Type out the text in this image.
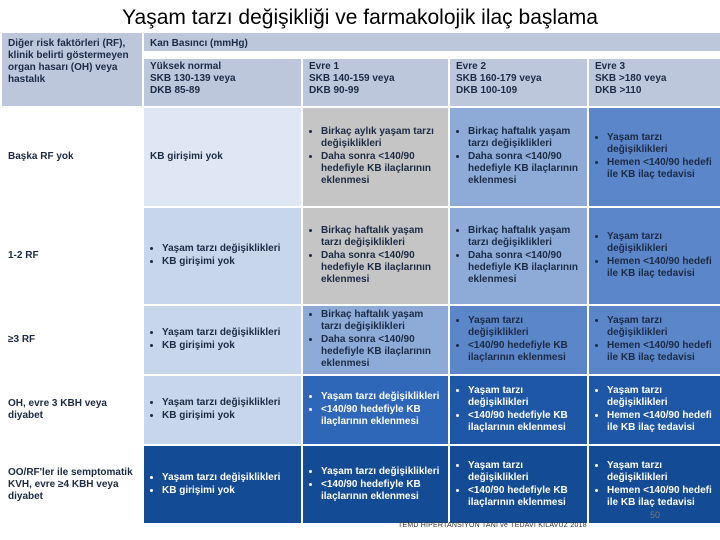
Yaşam tarzı değişikliği ve farmakolojik ilaç başlama
Diğer risk faktörleri (RF), klinik belirti göstermeyen organ hasarı (OH) veya hastalık
Kan Basıncı (mmHg)
Yüksek normal
SKB 130-139 veya
DKB 85-89
Evre 1
SKB 140-159 veya
DKB 90-99
Evre 2
SKB 160-179 veya
DKB 100-109
Evre 3
SKB >180 veya
DKB >110
Başka RF yok	KB girişimi yok
• Birkaç aylık yaşam tarzı değişiklikleri
• Daha sonra <140/90 hedefiyle KB ilaçlarının eklenmesi
• Birkaç haftalık yaşam tarzı değişiklikleri
• Daha sonra <140/90 hedefiyle KB ilaçlarının eklenmesi
• Yaşam tarzı değişiklikleri
• Hemen <140/90 hedefi ile KB ilaç tedavisi
1-2 RF
• Yaşam tarzı değişiklikleri
• KB girişimi yok
• Birkaç haftalık yaşam tarzı değişiklikleri
• Daha sonra <140/90 hedefiyle KB ilaçlarının eklenmesi
• Birkaç haftalık yaşam tarzı değişiklikleri
• Daha sonra <140/90 hedefiyle KB ilaçlarının eklenmesi
• Yaşam tarzı değişiklikleri
• Hemen <140/90 hedefi ile KB ilaç tedavisi
≥3 RF
• Yaşam tarzı değişiklikleri
• KB girişimi yok
• Birkaç haftalık yaşam tarzı değişiklikleri
• Daha sonra <140/90 hedefiyle KB ilaçlarının eklenmesi
• Yaşam tarzı değişiklikleri
• <140/90 hedefiyle KB ilaçlarının eklenmesi
• Yaşam tarzı değişiklikleri
• Hemen <140/90 hedefi ile KB ilaç tedavisi
OH, evre 3 KBH veya diyabet
• Yaşam tarzı değişiklikleri
• KB girişimi yok
• Yaşam tarzı değişiklikleri
• <140/90 hedefiyle KB ilaçlarının eklenmesi
• Yaşam tarzı değişiklikleri
• <140/90 hedefiyle KB ilaçlarının eklenmesi
• Yaşam tarzı değişiklikleri
• Hemen <140/90 hedefi ile KB ilaç tedavisi
OO/RF'ler ile semptomatik KVH, evre ≥4 KBH veya diyabet
• Yaşam tarzı değişiklikleri
• KB girişimi yok
• Yaşam tarzı değişiklikleri
• <140/90 hedefiyle KB ilaçlarının eklenmesi
• Yaşam tarzı değişiklikleri
• <140/90 hedefiyle KB ilaçlarının eklenmesi
• Yaşam tarzı değişiklikleri
• Hemen <140/90 hedefi ile KB ilaç tedavisi
50
TEMD HİPERTANSİYON TANI ve TEDAVİ KILAVUZ 2018
